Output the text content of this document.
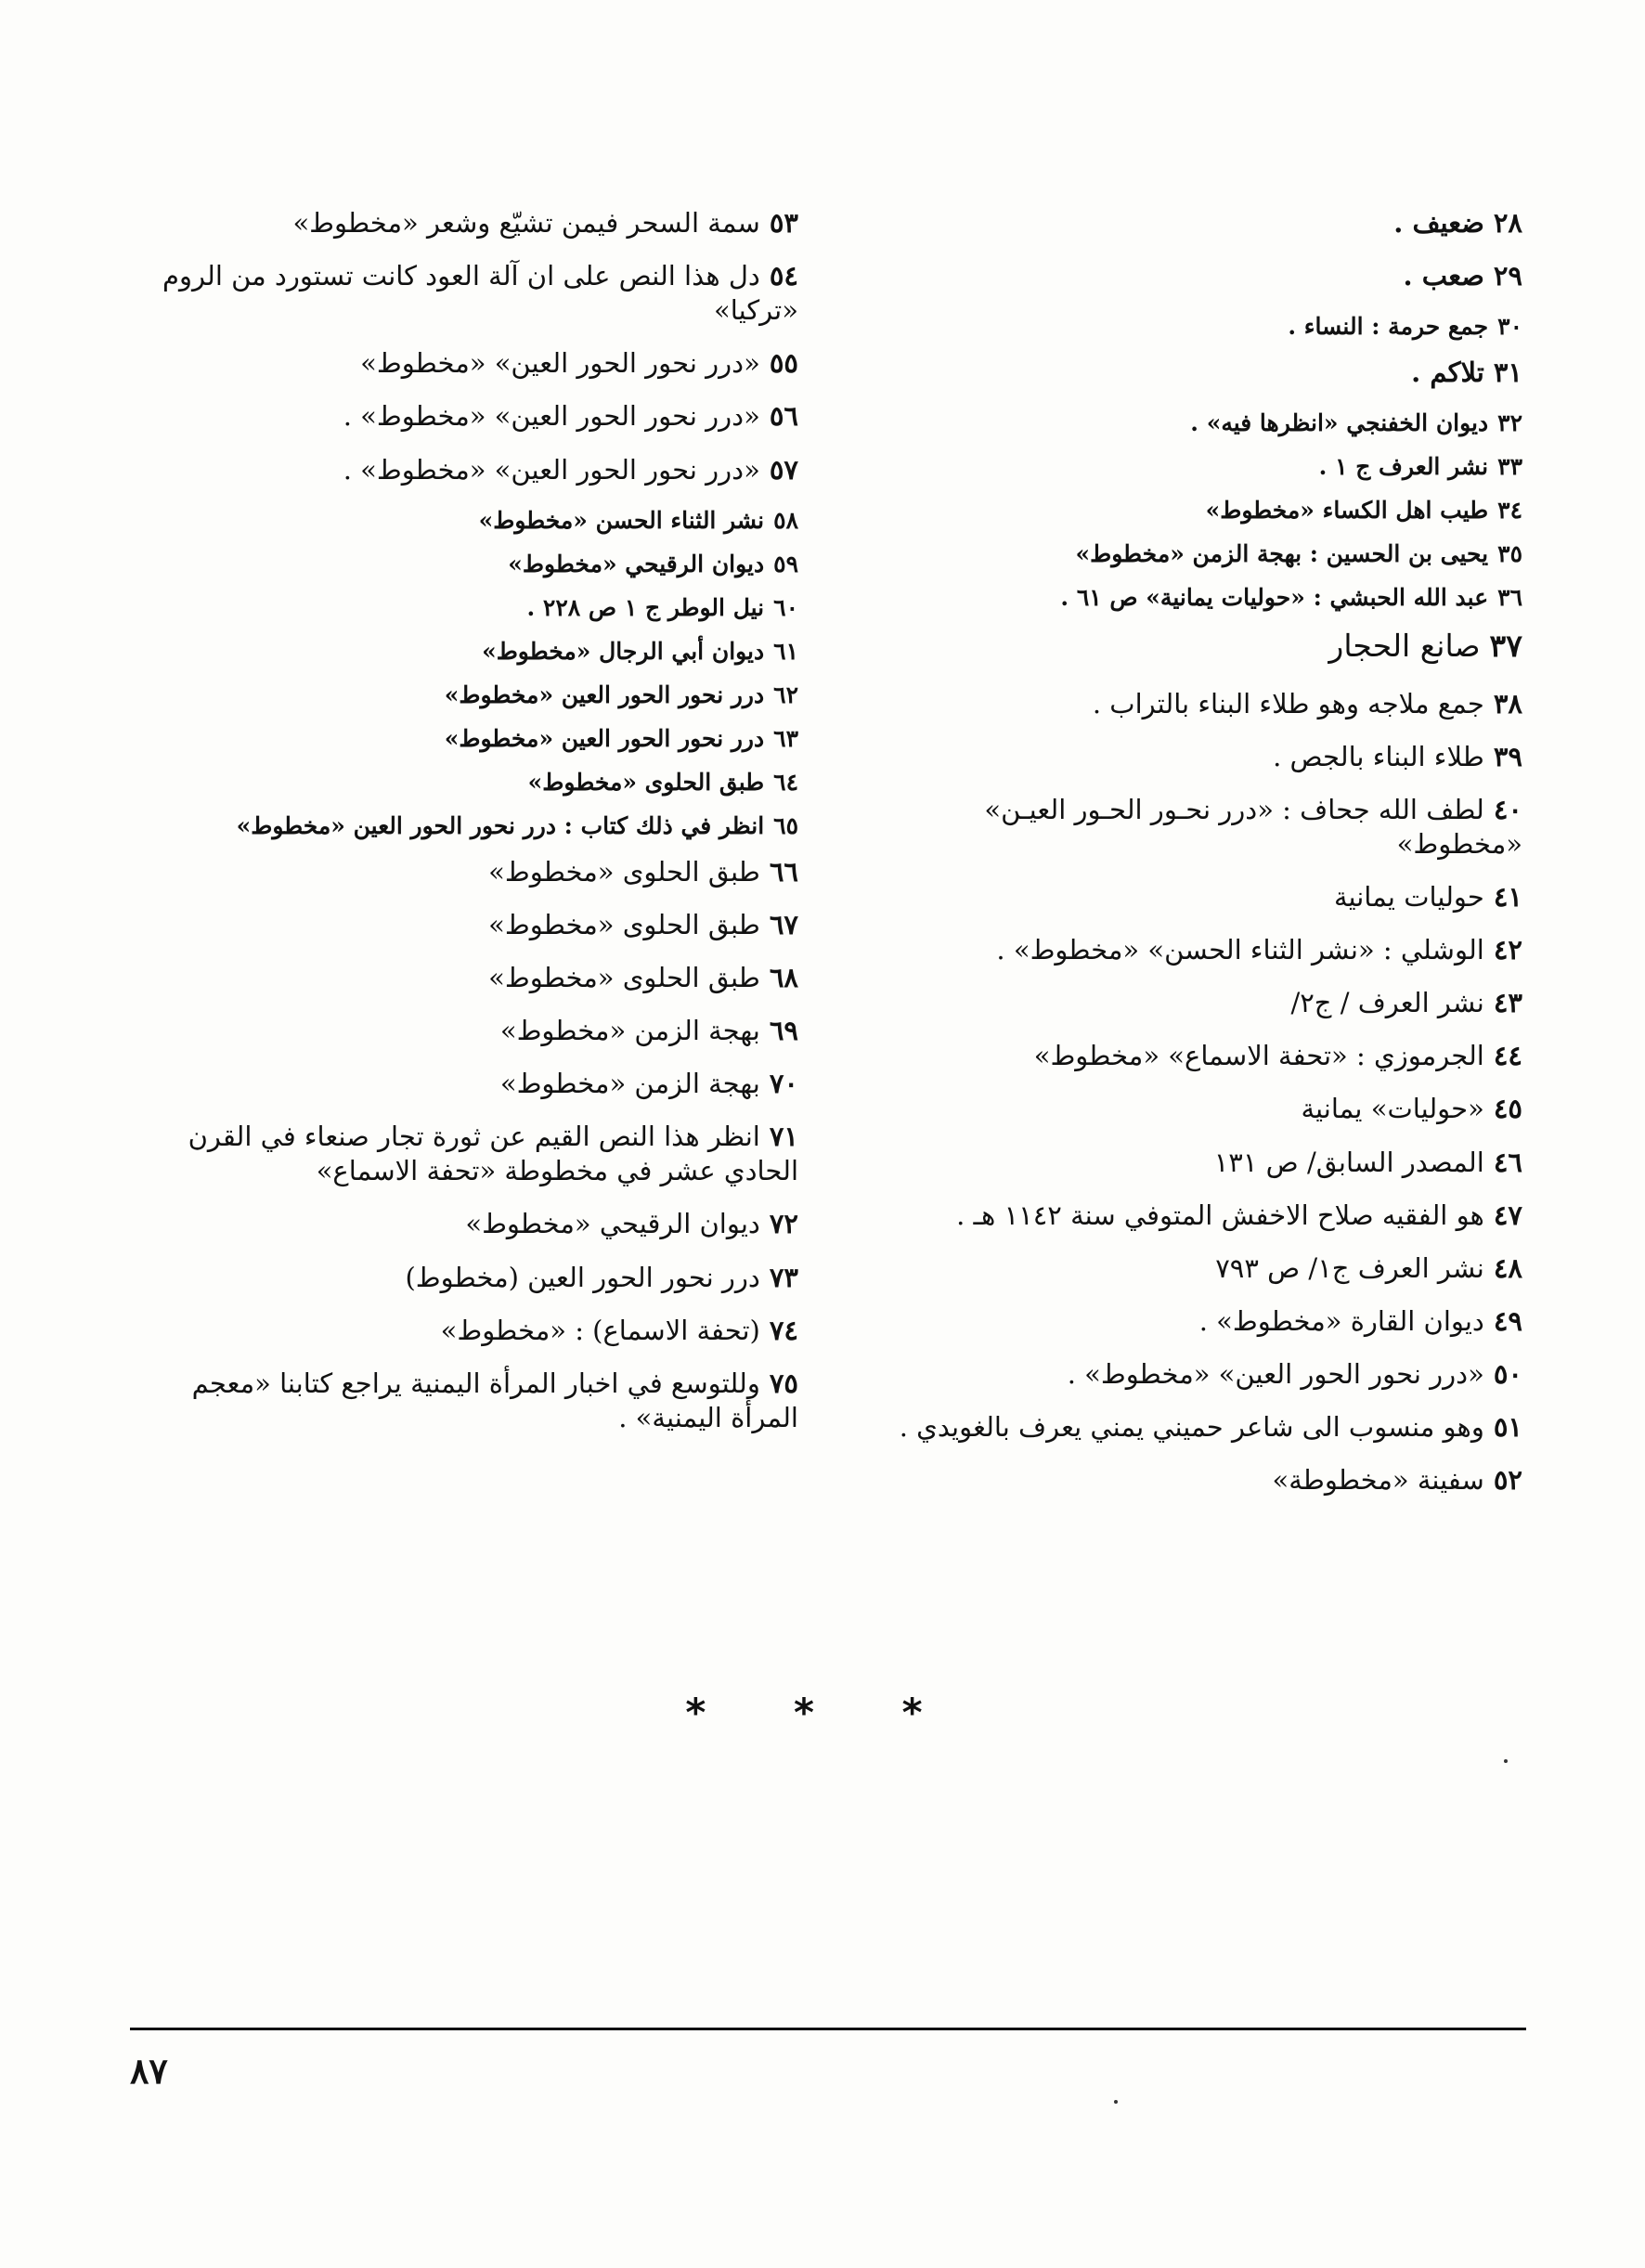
٢٨ضعيف .
٢٩صعب .
٣٠جمع حرمة : النساء .
٣١تلاكم .
٣٢ديوان الخفنجي «انظرها فيه» .
٣٣نشر العرف ج ١ .
٣٤طيب اهل الكساء «مخطوط»
٣٥يحيى بن الحسين : بهجة الزمن «مخطوط»
٣٦عبد الله الحبشي : «حوليات يمانية» ص ٦١ .
٣٧صانع الحجار
٣٨جمع ملاجه وهو طلاء البناء بالتراب .
٣٩طلاء البناء بالجص .
٤٠لطف الله جحاف : «درر نحـور الحـور العيـن» «مخطوط»
٤١حوليات يمانية
٤٢الوشلي : «نشر الثناء الحسن» «مخطوط» .
٤٣نشر العرف / ج٢/
٤٤الجرموزي : «تحفة الاسماع» «مخطوط»
٤٥«حوليات» يمانية
٤٦المصدر السابق/ ص ١٣١
٤٧هو الفقيه صلاح الاخفش المتوفي سنة ١١٤٢ هـ .
٤٨نشر العرف ج١/ ص ٧٩٣
٤٩ديوان القارة «مخطوط» .
٥٠«درر نحور الحور العين» «مخطوط» .
٥١وهو منسوب الى شاعر حميني يمني يعرف بالغويدي .
٥٢سفينة «مخطوطة»
٥٣سمة السحر فيمن تشيّع وشعر «مخطوط»
٥٤دل هذا النص على ان آلة العود كانت تستورد من الروم «تركيا»
٥٥«درر نحور الحور العين» «مخطوط»
٥٦«درر نحور الحور العين» «مخطوط» .
٥٧«درر نحور الحور العين» «مخطوط» .
٥٨نشر الثناء الحسن «مخطوط»
٥٩ديوان الرقيحي «مخطوط»
٦٠نيل الوطر ج ١ ص ٢٢٨ .
٦١ديوان أبي الرجال «مخطوط»
٦٢درر نحور الحور العين «مخطوط»
٦٣درر نحور الحور العين «مخطوط»
٦٤طبق الحلوى «مخطوط»
٦٥انظر في ذلك كتاب : درر نحور الحور العين «مخطوط»
٦٦طبق الحلوى «مخطوط»
٦٧طبق الحلوى «مخطوط»
٦٨طبق الحلوى «مخطوط»
٦٩بهجة الزمن «مخطوط»
٧٠بهجة الزمن «مخطوط»
٧١انظر هذا النص القيم عن ثورة تجار صنعاء في القرن الحادي عشر في مخطوطة «تحفة الاسماع»
٧٢ديوان الرقيحي «مخطوط»
٧٣درر نحور الحور العين (مخطوط)
٧٤(تحفة الاسماع) : «مخطوط»
٧٥وللتوسع في اخبار المرأة اليمنية يراجع كتابنا «معجم المرأة اليمنية» .
* * *
٨٧
